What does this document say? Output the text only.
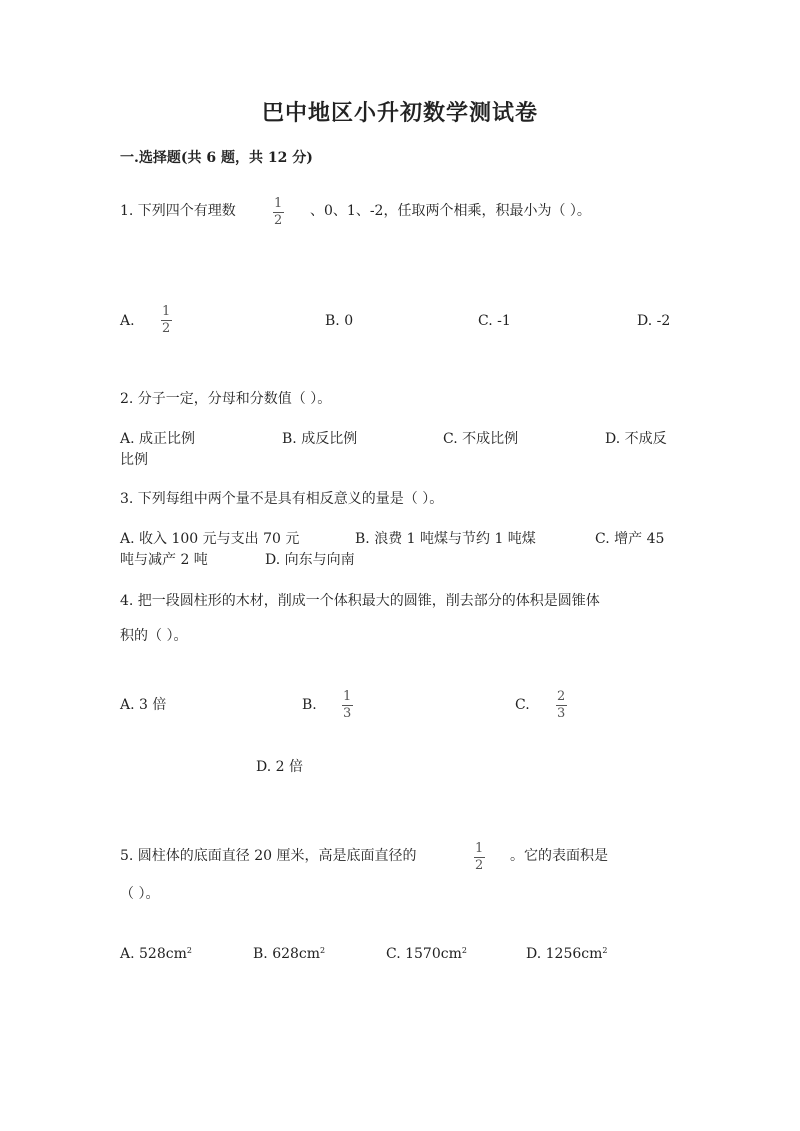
巴中地区小升初数学测试卷
一.选择题(共 6 题，共 12 分)
1. 下列四个有理数	1
2
、0、1、-2，任取两个相乘，积最小为（ ）。
A.
1
2	B. 0	C. -1	D. -2
2. 分子一定，分母和分数值（ ）。
A. 成正比例	B. 成反比例	C. 不成比例	D. 不成反
比例
3. 下列每组中两个量不是具有相反意义的量是（ ）。
A. 收入 100 元与支出 70 元	B. 浪费 1 吨煤与节约 1 吨煤	C. 增产 45
吨与减产 2 吨	D. 向东与向南
4. 把一段圆柱形的木材，削成一个体积最大的圆锥，削去部分的体积是圆锥体
积的（ ）。
A. 3 倍	B.
1
3
C.
2
3
D. 2 倍
5. 圆柱体的底面直径 20 厘米，高是底面直径的	1
2
。它的表面积是
（ ）。
A. $528cm^2$	B. $628cm^2$	C. $1570cm^2$	D. $1256cm^2$
